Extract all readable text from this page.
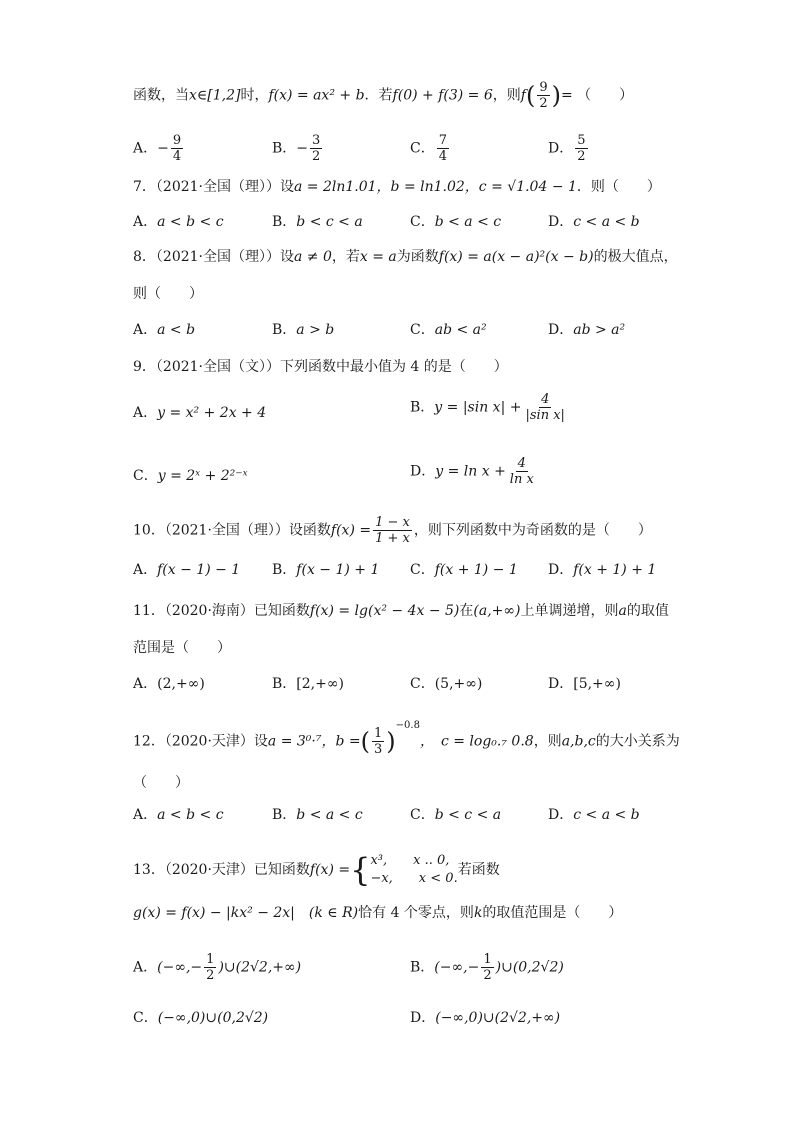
函数，当x∈[1,2]时，f(x) = ax² + b．若f(0) + f(3) = 6，则$f( \frac{9}{2}$ )= （　　）
A．− $\frac{9}{4}$	B．− $\frac{3}{2}$	C． $\frac{7}{4}$	D． $\frac{5}{2}$
7．（2021·全国（理））设a = 2ln1.01，b = ln1.02，c = √1.04 − 1．则（　　）
A．a < b < c	B．b < c < a	C．b < a < c	D．c < a < b
8．（2021·全国（理））设a ≠ 0，若x = a为函数f(x) = a(x − a)²(x − b)的极大值点，
则（　　）
A．a < b	B．a > b	C．ab < a²	D．ab > a²
9．（2021·全国（文））下列函数中最小值为 4 的是（　　）
A．y = x² + 2x + 4	B．y = |sin $x| + \frac{4}{\text{|sin x|}}$
C．y = 2ˣ + 2²⁻ˣ	D．$y = \ln x + \frac{4}{\text{ln x}}$
10．（2021·全国（理））设函数$f(x) = \frac{1 - x}{1 + x}$ ，则下列函数中为奇函数的是（　　）
A．f(x − 1) − 1 B．f(x − 1) + 1 C．f(x + 1) − 1 D．f(x + 1) + 1
11．（2020·海南）已知函数f(x) = lg(x² − 4x − 5)在(a,+∞)上单调递增，则a的取值
范围是（　　）
A．(2,+∞)	B．[2,+∞)	C．(5,+∞)	D．[5,+∞)
12．（2020·天津）设a = 3⁰·⁷，b =( $\frac{1}{3} )^{-0.8}$，　c = log₀.₇ 0.8，则a,b,c的大小关系为
（　　）
A．a < b < c	B．b < a < c	C．b < c < a	D．c < a < b
13．（2020·天津）已知函数f(x) = { x³,　　x .. 0,
−x,　　x < 0.
若函数
g(x) = f(x) − |kx² − 2x|　(k ∈ R)恰有 4 个零点，则k的取值范围是（　　）
A．(−∞,− $\frac{1}{2}$ )∪(2√2,+∞)	B．(−∞,− $\frac{1}{2}$ )∪(0,2√2)
C．(−∞,0)∪(0,2√2)	D．(−∞,0)∪(2√2,+∞)
